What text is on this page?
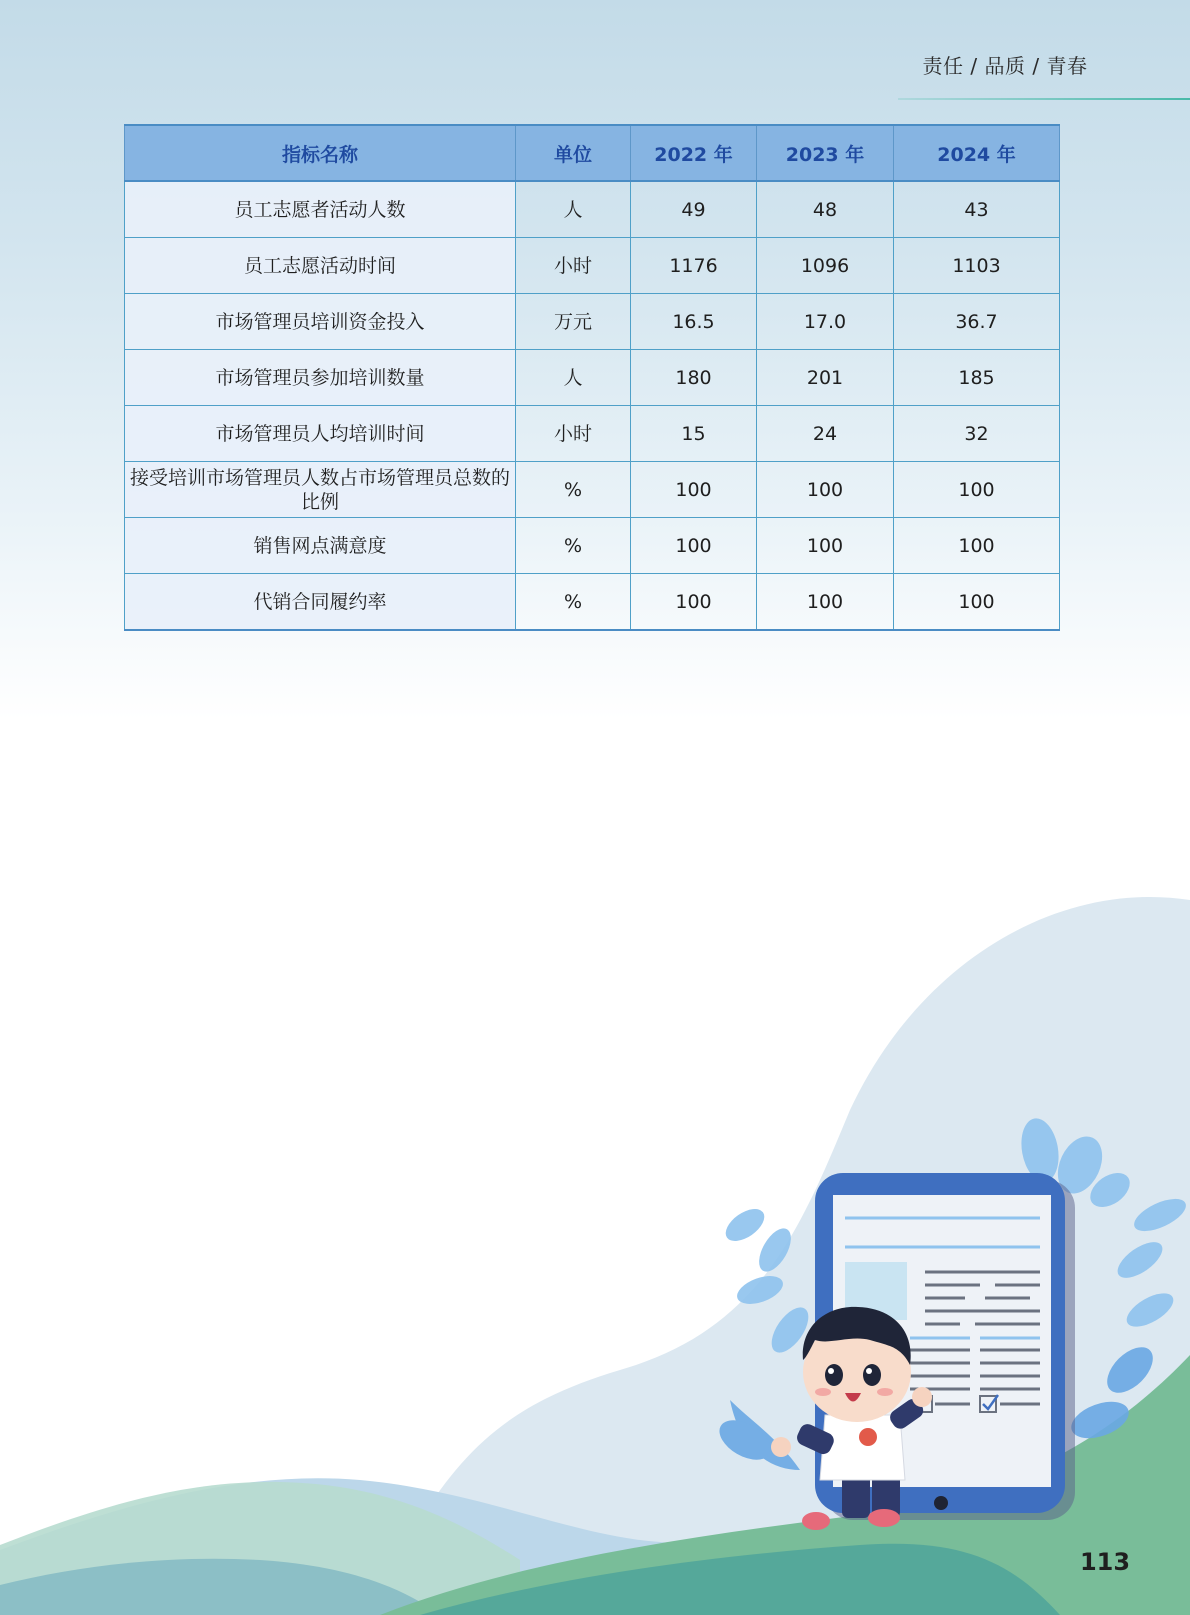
责任 / 品质 / 青春
指标名称	单位	2022 年	2023 年	2024 年
员工志愿者活动人数	人	49	48	43
员工志愿活动时间	小时	1176	1096	1103
市场管理员培训资金投入	万元	16.5	17.0	36.7
市场管理员参加培训数量	人	180	201	185
市场管理员人均培训时间	小时	15	24	32
接受培训市场管理员人数占市场管理员总数的比例	%	100	100	100
销售网点满意度	%	100	100	100
代销合同履约率	%	100	100	100
113
